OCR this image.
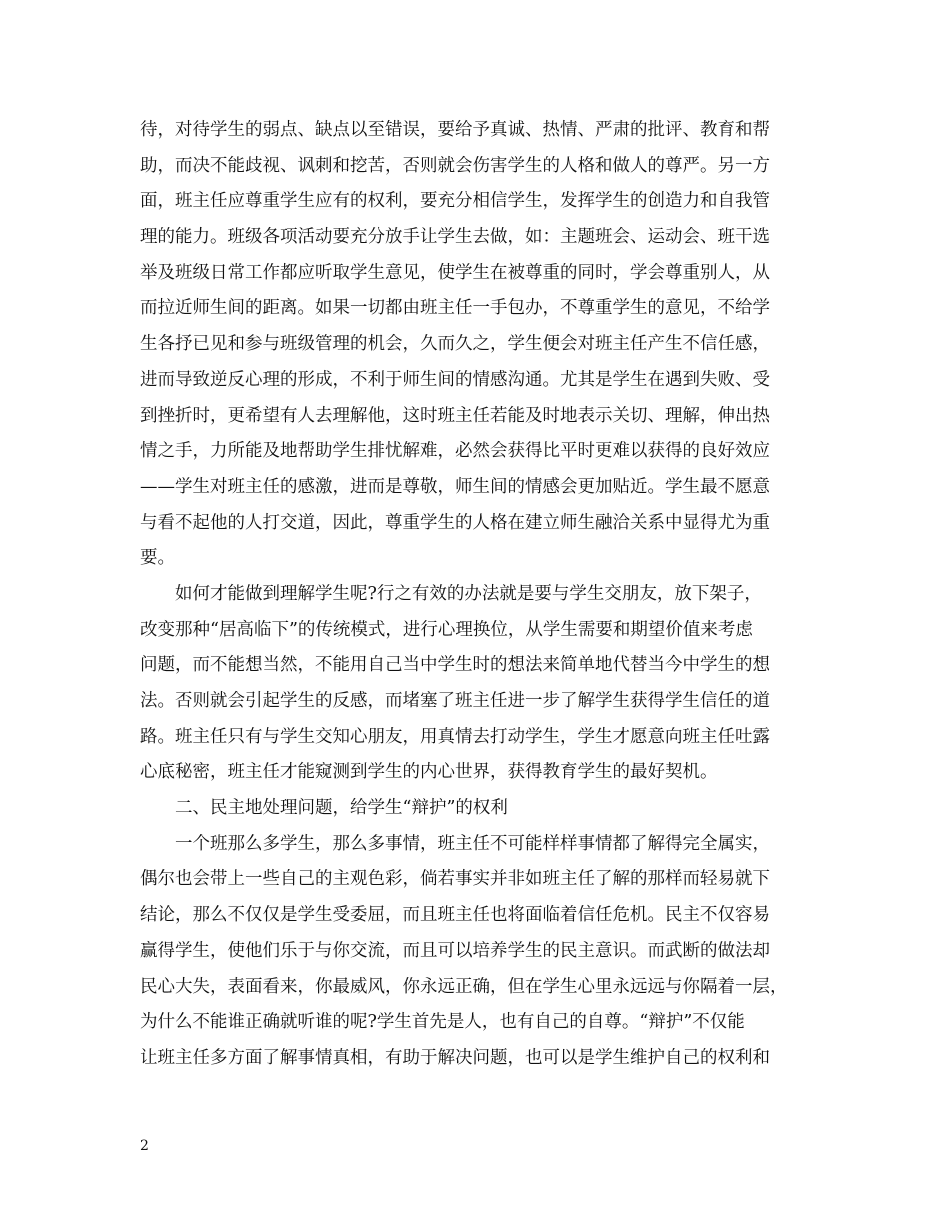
待，对待学生的弱点、缺点以至错误，要给予真诚、热情、严肃的批评、教育和帮
助，而决不能歧视、讽刺和挖苦，否则就会伤害学生的人格和做人的尊严。另一方
面，班主任应尊重学生应有的权利，要充分相信学生，发挥学生的创造力和自我管
理的能力。班级各项活动要充分放手让学生去做，如：主题班会、运动会、班干选
举及班级日常工作都应听取学生意见，使学生在被尊重的同时，学会尊重别人，从
而拉近师生间的距离。如果一切都由班主任一手包办，不尊重学生的意见，不给学
生各抒已见和参与班级管理的机会，久而久之，学生便会对班主任产生不信任感，
进而导致逆反心理的形成，不利于师生间的情感沟通。尤其是学生在遇到失败、受
到挫折时，更希望有人去理解他，这时班主任若能及时地表示关切、理解，伸出热
情之手，力所能及地帮助学生排忧解难，必然会获得比平时更难以获得的良好效应
——学生对班主任的感激，进而是尊敬，师生间的情感会更加贴近。学生最不愿意
与看不起他的人打交道，因此，尊重学生的人格在建立师生融洽关系中显得尤为重
要。
如何才能做到理解学生呢?行之有效的办法就是要与学生交朋友，放下架子，
改变那种“居高临下”的传统模式，进行心理换位，从学生需要和期望价值来考虑
问题，而不能想当然，不能用自己当中学生时的想法来简单地代替当今中学生的想
法。否则就会引起学生的反感，而堵塞了班主任进一步了解学生获得学生信任的道
路。班主任只有与学生交知心朋友，用真情去打动学生，学生才愿意向班主任吐露
心底秘密，班主任才能窥测到学生的内心世界，获得教育学生的最好契机。
二、民主地处理问题，给学生“辩护”的权利
一个班那么多学生，那么多事情，班主任不可能样样事情都了解得完全属实，
偶尔也会带上一些自己的主观色彩，倘若事实并非如班主任了解的那样而轻易就下
结论，那么不仅仅是学生受委屈，而且班主任也将面临着信任危机。民主不仅容易
赢得学生，使他们乐于与你交流，而且可以培养学生的民主意识。而武断的做法却
民心大失，表面看来，你最威风，你永远正确，但在学生心里永远远与你隔着一层，
为什么不能谁正确就听谁的呢?学生首先是人，也有自己的自尊。“辩护”不仅能
让班主任多方面了解事情真相，有助于解决问题，也可以是学生维护自己的权利和
2
